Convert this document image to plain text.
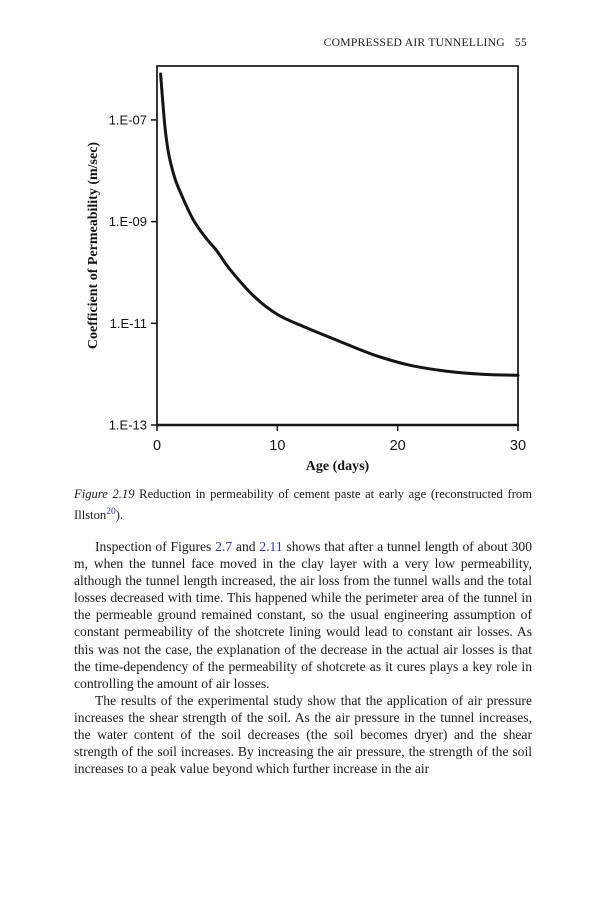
COMPRESSED AIR TUNNELLING 55
1.E-07
1.E-09
1.E-11
1.E-13
0	10	20	30
Age (days)
Coefficient of Permeability (m/sec)
Figure 2.19 Reduction in permeability of cement paste at early age (reconstructed from
Illston$^{20}$).

Inspection of Figures 2.7 and 2.11 shows that after a tunnel length of about 300 m, when the tunnel face moved in the clay layer with a very low permeability, although the tunnel length increased, the air loss from the tunnel walls and the total losses decreased with time. This happened while the perimeter area of the tunnel in the permeable ground remained constant, so the usual engineering assumption of constant permeability of the shotcrete lining would lead to constant air losses. As this was not the case, the explanation of the decrease in the actual air losses is that the time-dependency of the permeability of shotcrete as it cures plays a key role in controlling the amount of air losses.

The results of the experimental study show that the application of air pressure increases the shear strength of the soil. As the air pressure in the tunnel increases, the water content of the soil decreases (the soil becomes dryer) and the shear strength of the soil increases. By increasing the air pressure, the strength of the soil increases to a peak value beyond which further increase in the air
